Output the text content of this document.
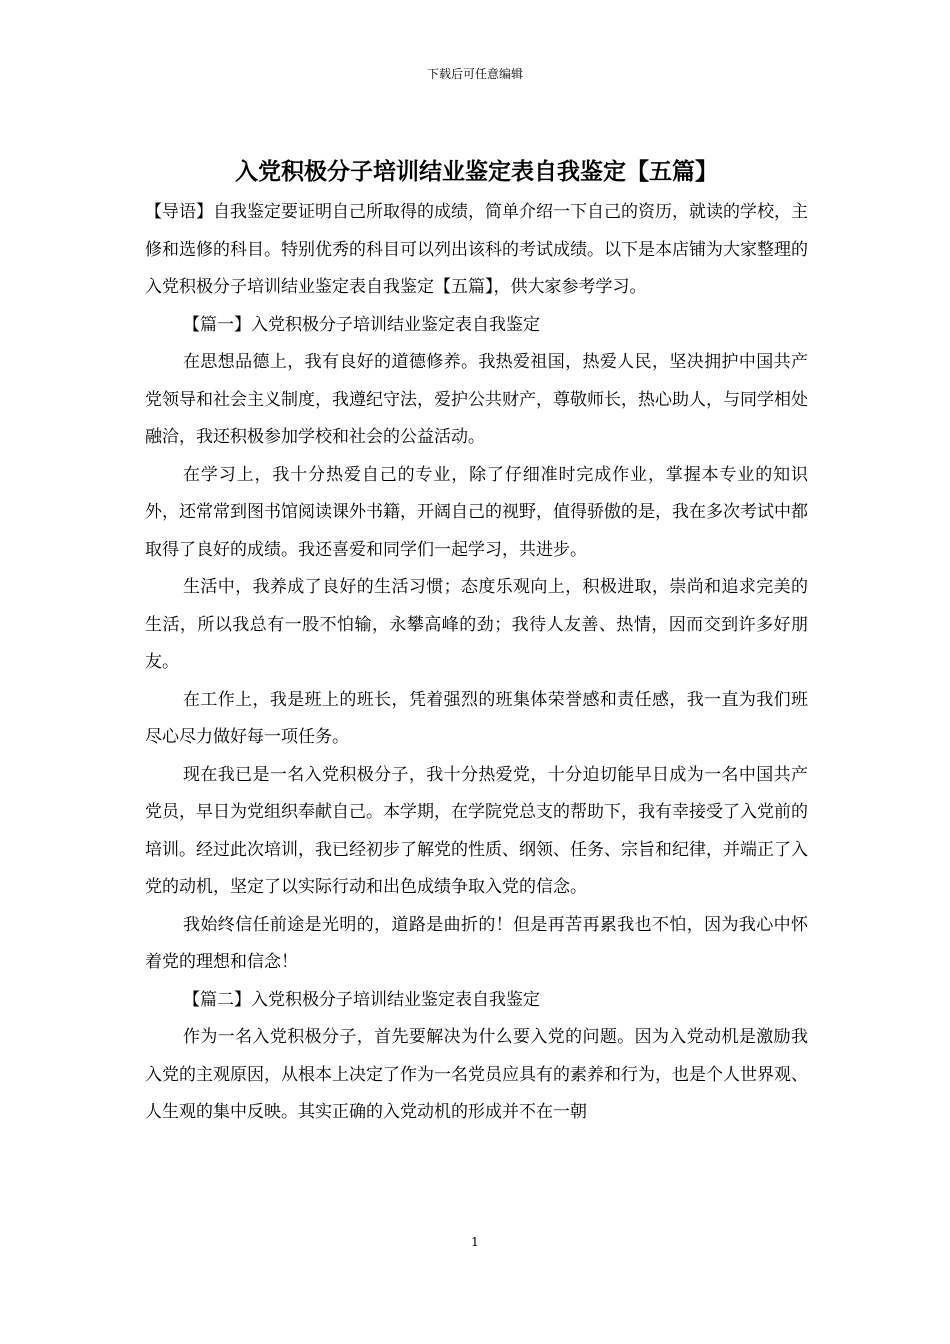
下载后可任意编辑
入党积极分子培训结业鉴定表自我鉴定【五篇】

【导语】自我鉴定要证明自己所取得的成绩，简单介绍一下自己的资历，就读的学校，主修和选修的科目。特别优秀的科目可以列出该科的考试成绩。以下是本店铺为大家整理的入党积极分子培训结业鉴定表自我鉴定【五篇】，供大家参考学习。

【篇一】入党积极分子培训结业鉴定表自我鉴定

在思想品德上，我有良好的道德修养。我热爱祖国，热爱人民，坚决拥护中国共产党领导和社会主义制度，我遵纪守法，爱护公共财产，尊敬师长，热心助人，与同学相处融洽，我还积极参加学校和社会的公益活动。

在学习上，我十分热爱自己的专业，除了仔细准时完成作业，掌握本专业的知识外，还常常到图书馆阅读课外书籍，开阔自己的视野，值得骄傲的是，我在多次考试中都取得了良好的成绩。我还喜爱和同学们一起学习，共进步。

生活中，我养成了良好的生活习惯；态度乐观向上，积极进取，崇尚和追求完美的生活，所以我总有一股不怕输，永攀高峰的劲；我待人友善、热情，因而交到许多好朋友。

在工作上，我是班上的班长，凭着强烈的班集体荣誉感和责任感，我一直为我们班尽心尽力做好每一项任务。

现在我已是一名入党积极分子，我十分热爱党，十分迫切能早日成为一名中国共产党员，早日为党组织奉献自己。本学期，在学院党总支的帮助下，我有幸接受了入党前的培训。经过此次培训，我已经初步了解党的性质、纲领、任务、宗旨和纪律，并端正了入党的动机，坚定了以实际行动和出色成绩争取入党的信念。

我始终信任前途是光明的，道路是曲折的！但是再苦再累我也不怕，因为我心中怀着党的理想和信念！

【篇二】入党积极分子培训结业鉴定表自我鉴定

作为一名入党积极分子，首先要解决为什么要入党的问题。因为入党动机是激励我入党的主观原因，从根本上决定了作为一名党员应具有的素养和行为，也是个人世界观、人生观的集中反映。其实正确的入党动机的形成并不在一朝

1
